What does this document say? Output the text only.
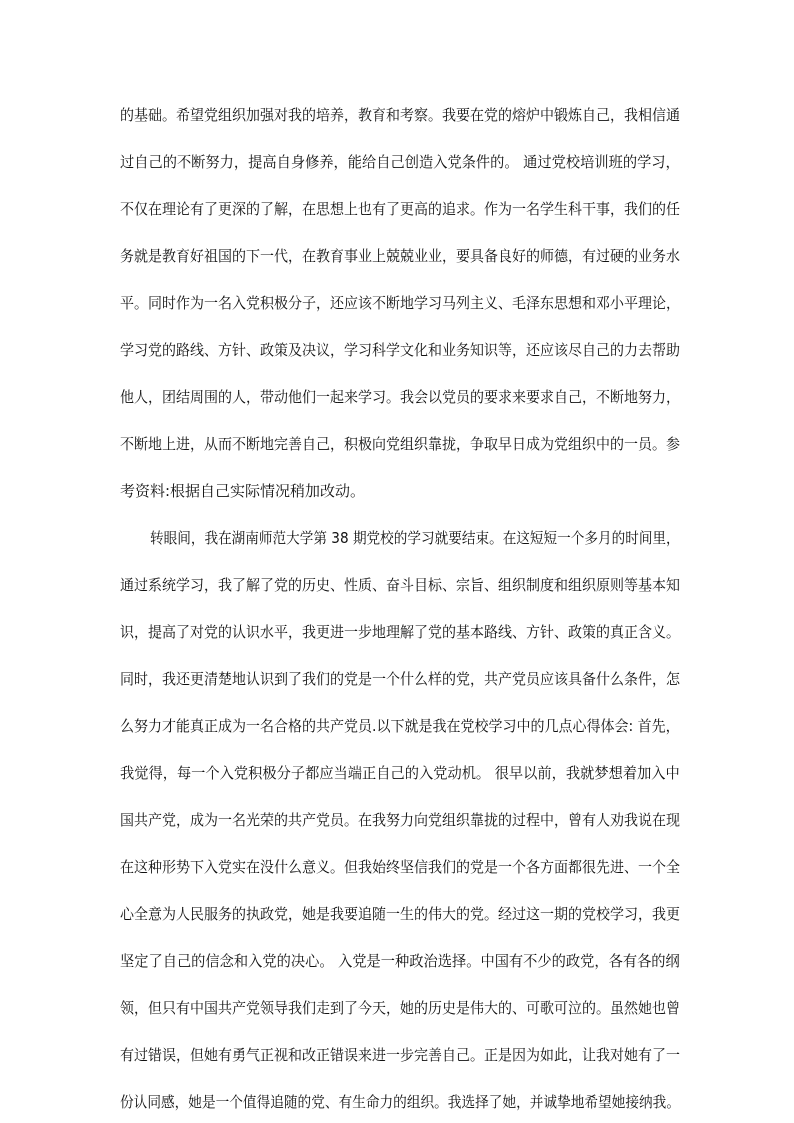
的基础。希望党组织加强对我的培养，教育和考察。我要在党的熔炉中锻炼自己，我相信通
过自己的不断努力，提高自身修养，能给自己创造入党条件的。 通过党校培训班的学习，
不仅在理论有了更深的了解，在思想上也有了更高的追求。作为一名学生科干事，我们的任
务就是教育好祖国的下一代，在教育事业上兢兢业业，要具备良好的师德，有过硬的业务水
平。同时作为一名入党积极分子，还应该不断地学习马列主义、毛泽东思想和邓小平理论，
学习党的路线、方针、政策及决议，学习科学文化和业务知识等，还应该尽自己的力去帮助
他人，团结周围的人，带动他们一起来学习。我会以党员的要求来要求自己，不断地努力，
不断地上进，从而不断地完善自己，积极向党组织靠拢，争取早日成为党组织中的一员。参
考资料:根据自己实际情况稍加改动。
转眼间，我在湖南师范大学第 38 期党校的学习就要结束。在这短短一个多月的时间里，
通过系统学习，我了解了党的历史、性质、奋斗目标、宗旨、组织制度和组织原则等基本知
识，提高了对党的认识水平，我更进一步地理解了党的基本路线、方针、政策的真正含义。
同时，我还更清楚地认识到了我们的党是一个什么样的党，共产党员应该具备什么条件，怎
么努力才能真正成为一名合格的共产党员.以下就是我在党校学习中的几点心得体会: 首先，
我觉得，每一个入党积极分子都应当端正自己的入党动机。 很早以前，我就梦想着加入中
国共产党，成为一名光荣的共产党员。在我努力向党组织靠拢的过程中，曾有人劝我说在现
在这种形势下入党实在没什么意义。但我始终坚信我们的党是一个各方面都很先进、一个全
心全意为人民服务的执政党，她是我要追随一生的伟大的党。经过这一期的党校学习，我更
坚定了自己的信念和入党的决心。 入党是一种政治选择。中国有不少的政党，各有各的纲
领，但只有中国共产党领导我们走到了今天，她的历史是伟大的、可歌可泣的。虽然她也曾
有过错误，但她有勇气正视和改正错误来进一步完善自己。正是因为如此，让我对她有了一
份认同感，她是一个值得追随的党、有生命力的组织。我选择了她，并诚挚地希望她接纳我。
